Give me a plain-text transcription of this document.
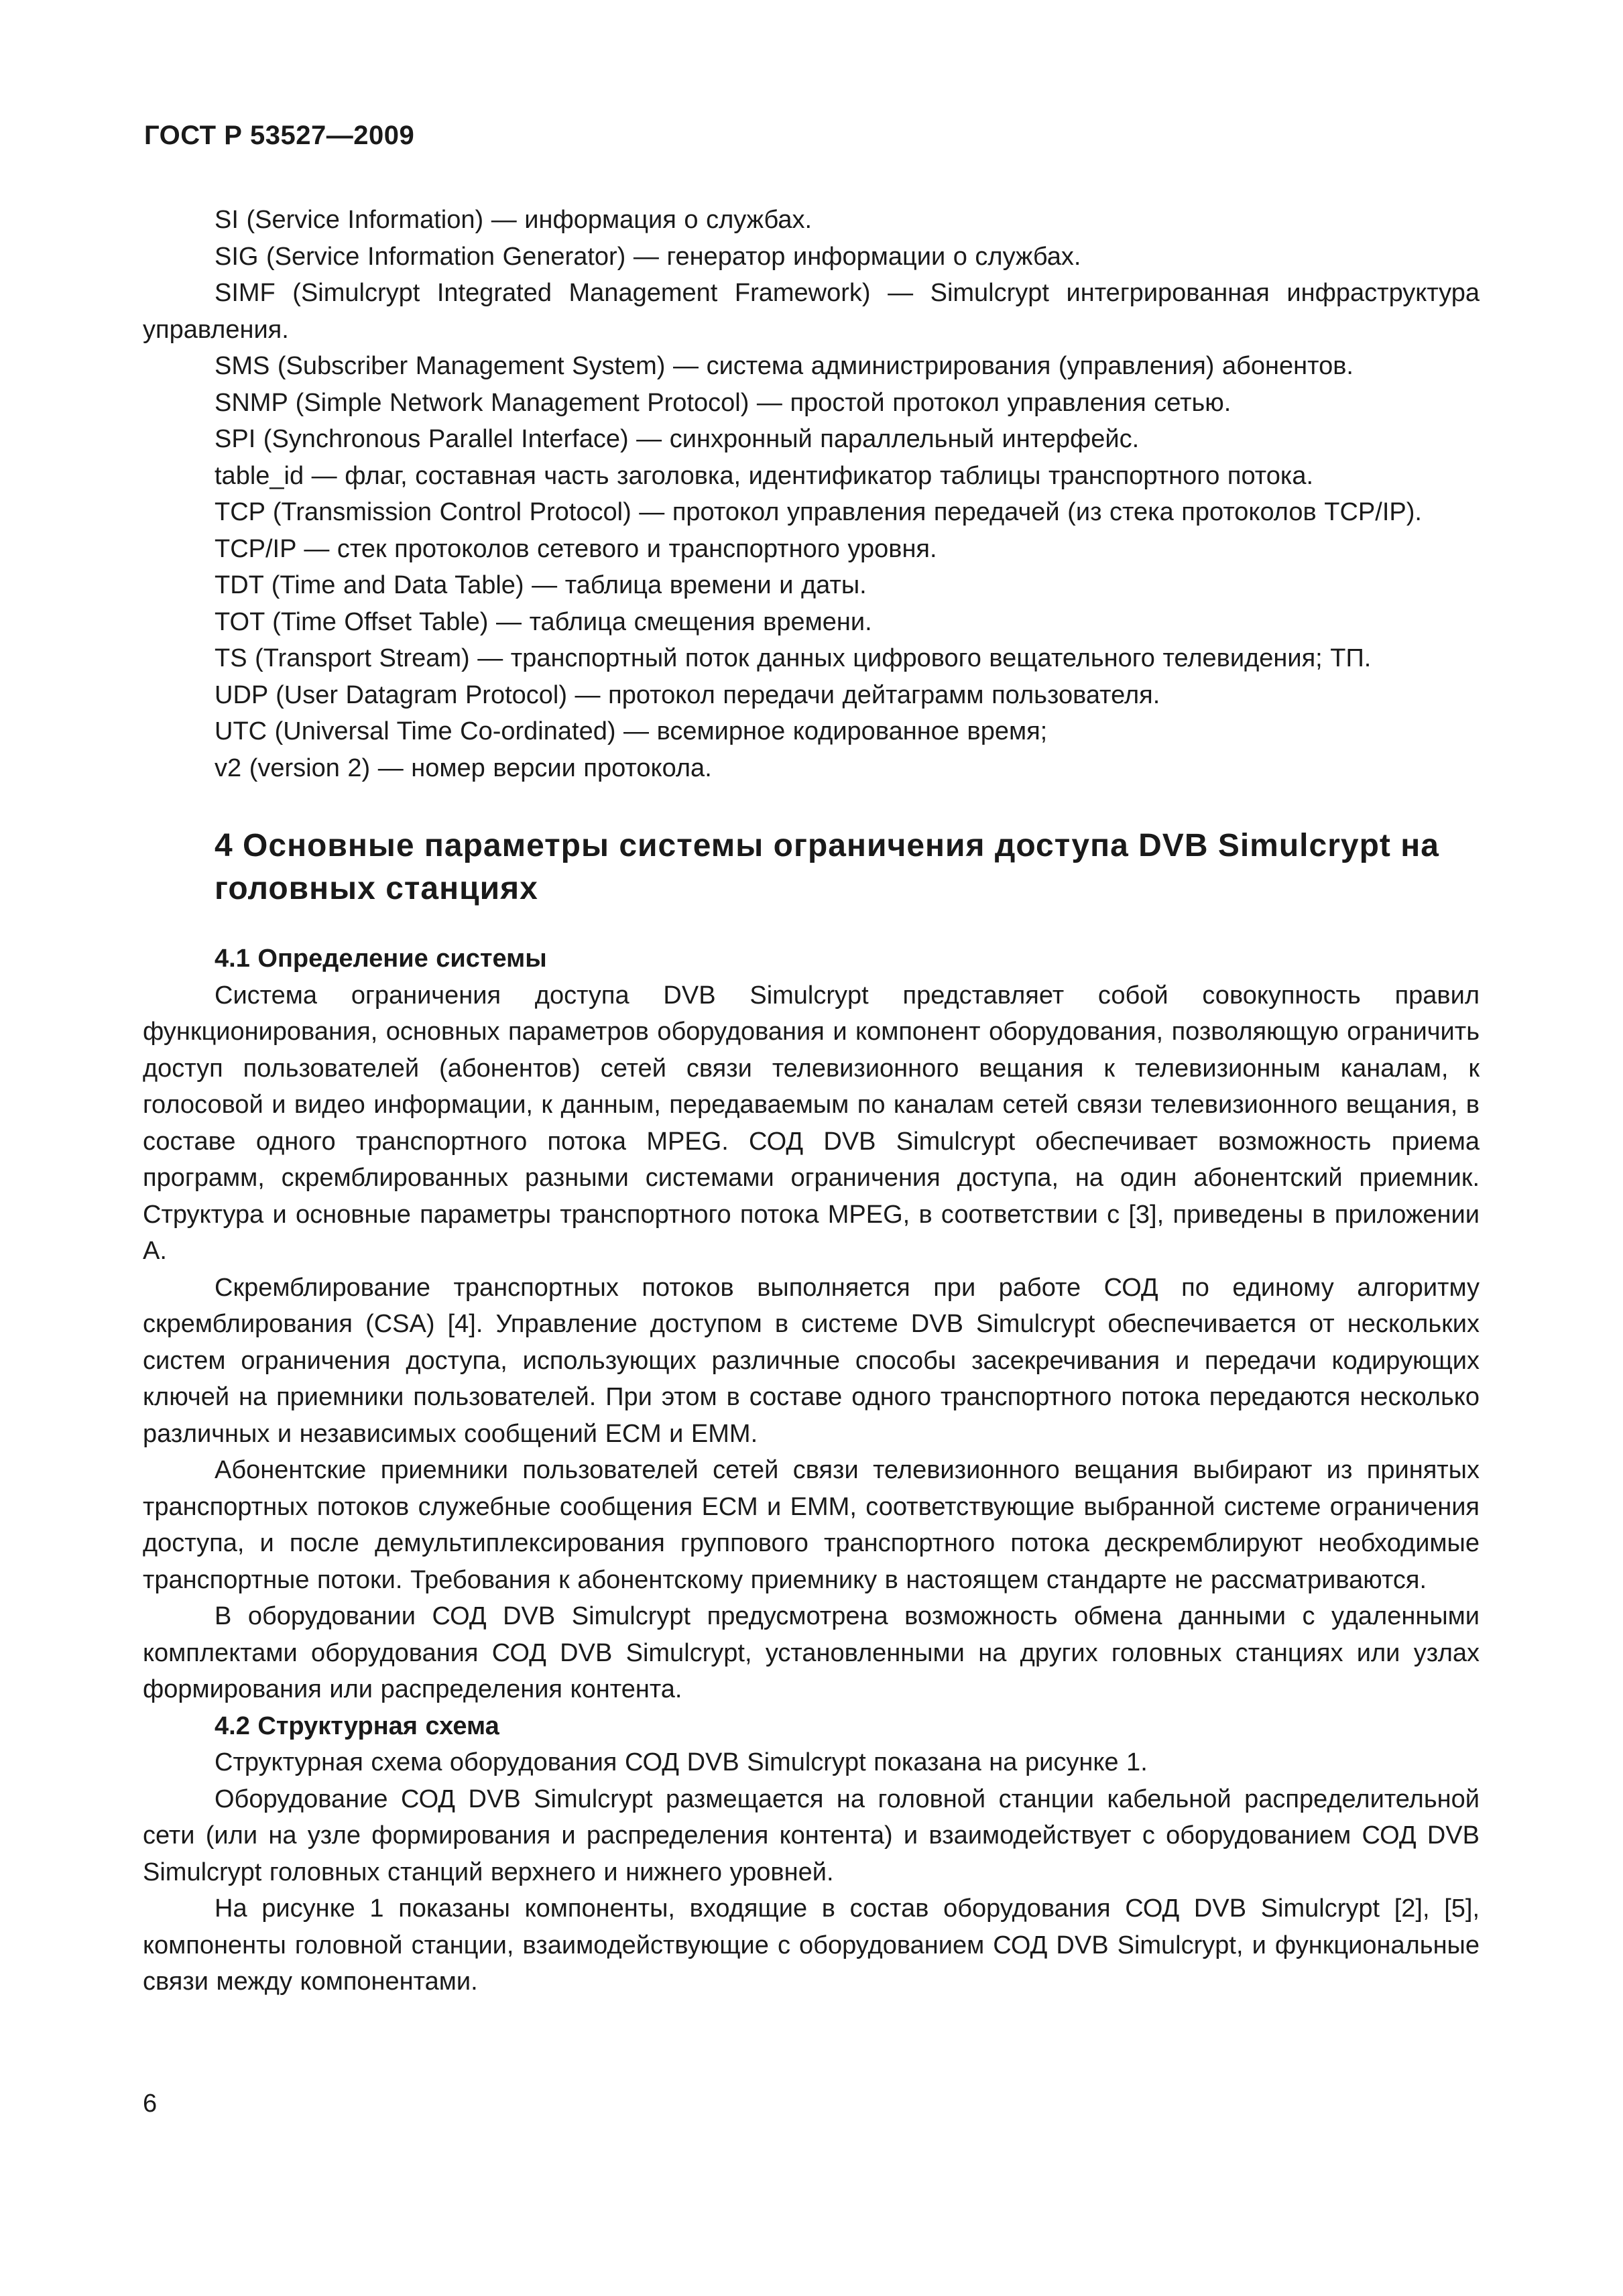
ГОСТ Р 53527—2009
SI (Service Information) — информация о службах.
SIG (Service Information Generator) — генератор информации о службах.
SIMF (Simulcrypt Integrated Management Framework) — Simulcrypt интегрированная инфраструктура управления.
SMS (Subscriber Management System) — система администрирования (управления) абонентов.
SNMP (Simple Network Management Protocol) — простой протокол управления сетью.
SPI (Synchronous Parallel Interface) — синхронный параллельный интерфейс.
table_id — флаг, составная часть заголовка, идентификатор таблицы транспортного потока.
TCP (Transmission Control Protocol) — протокол управления передачей (из стека протоколов TCP/IP).
TCP/IP — стек протоколов сетевого и транспортного уровня.
TDT (Time and Data Table) — таблица времени и даты.
TOT (Time Offset Table) — таблица смещения времени.
TS (Transport Stream) — транспортный поток данных цифрового вещательного телевидения; ТП.
UDP (User Datagram Protocol) — протокол передачи дейтаграмм пользователя.
UTC (Universal Time Co-ordinated) — всемирное кодированное время;
v2 (version 2) — номер версии протокола.
4 Основные параметры системы ограничения доступа DVB Simulcrypt на головных станциях
4.1 Определение системы
Система ограничения доступа DVB Simulcrypt представляет собой совокупность правил функционирования, основных параметров оборудования и компонент оборудования, позволяющую ограничить доступ пользователей (абонентов) сетей связи телевизионного вещания к телевизионным каналам, к голосовой и видео информации, к данным, передаваемым по каналам сетей связи телевизионного вещания, в составе одного транспортного потока MPEG. СОД DVB Simulcrypt обеспечивает возможность приема программ, скремблированных разными системами ограничения доступа, на один абонентский приемник. Структура и основные параметры транспортного потока MPEG, в соответствии с [3], приведены в приложении А.
Скремблирование транспортных потоков выполняется при работе СОД по единому алгоритму скремблирования (CSA) [4]. Управление доступом в системе DVB Simulcrypt обеспечивается от нескольких систем ограничения доступа, использующих различные способы засекречивания и передачи кодирующих ключей на приемники пользователей. При этом в составе одного транспортного потока передаются несколько различных и независимых сообщений ЕСМ и ЕММ.
Абонентские приемники пользователей сетей связи телевизионного вещания выбирают из принятых транспортных потоков служебные сообщения ЕСМ и ЕММ, соответствующие выбранной системе ограничения доступа, и после демультиплексирования группового транспортного потока дескремблируют необходимые транспортные потоки. Требования к абонентскому приемнику в настоящем стандарте не рассматриваются.
В оборудовании СОД DVB Simulcrypt предусмотрена возможность обмена данными с удаленными комплектами оборудования СОД DVB Simulcrypt, установленными на других головных станциях или узлах формирования или распределения контента.
4.2 Структурная схема
Структурная схема оборудования СОД DVB Simulcrypt показана на рисунке 1.
Оборудование СОД DVB Simulcrypt размещается на головной станции кабельной распределительной сети (или на узле формирования и распределения контента) и взаимодействует с оборудованием СОД DVB Simulcrypt головных станций верхнего и нижнего уровней.
На рисунке 1 показаны компоненты, входящие в состав оборудования СОД DVB Simulcrypt [2], [5], компоненты головной станции, взаимодействующие с оборудованием СОД DVB Simulcrypt, и функциональные связи между компонентами.
6
